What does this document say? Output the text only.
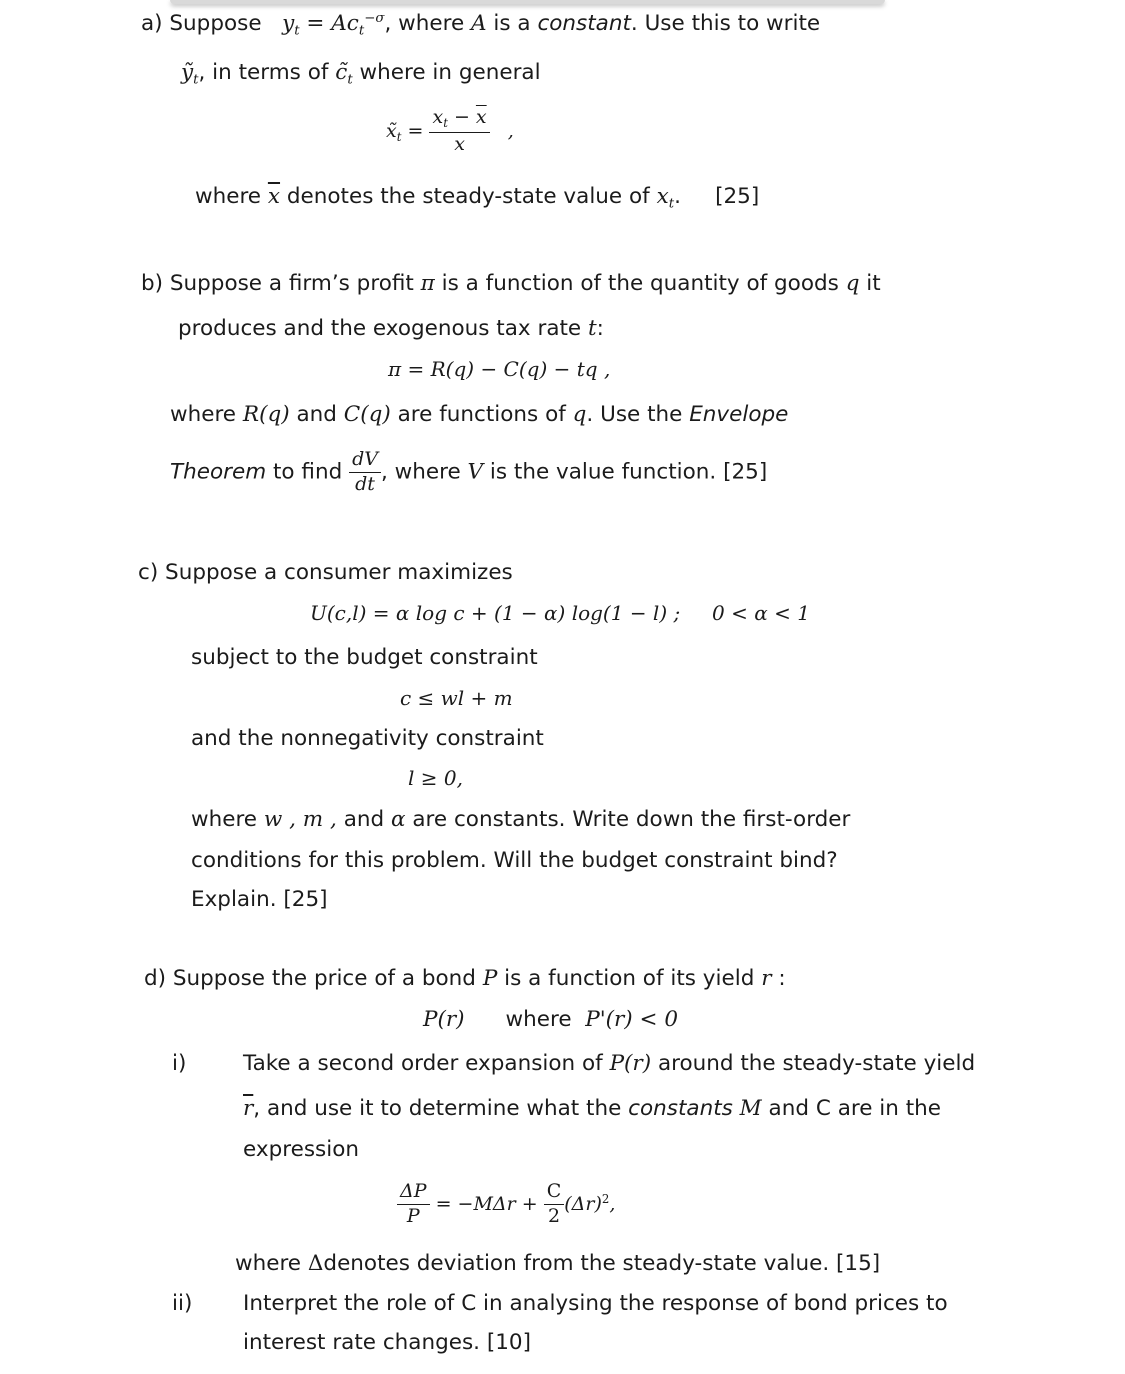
a) Suppose $y_t = Ac_t^{-\sigma}$, where A is a constant. Use this to write
ỹ$_t$, in terms of $c̃_t$ where in general
$x̃_t = \frac{x_t - \overline{x}}{x}$ ,
where $\overline{x}$ denotes the steady-state value of $x_t$. [25]
b) Suppose a firm’s profit π is a function of the quantity of goods q it
produces and the exogenous tax rate t:
π = R(q) − C(q) − tq ,
where R(q) and C(q) are functions of q. Use the Envelope
Theorem to find $\frac{dV}{dt}$ , where V is the value function. [25]
c) Suppose a consumer maximizes
U(c,l) = α log c + (1 − α) log(1 − l) ; 0 < α < 1
subject to the budget constraint
c ≤ wl + m
and the nonnegativity constraint
l ≥ 0,
where w , m , and α are constants. Write down the first-order
conditions for this problem. Will the budget constraint bind?
Explain. [25]
d) Suppose the price of a bond P is a function of its yield r :
P(r) where P'(r) < 0
i)	Take a second order expansion of P(r) around the steady-state yield
$\overline{r}$, and use it to determine what the constants M and C are in the
expression
$\frac{\Delta P}{P} = -M\Delta r + \frac{C}{2} (\Delta r)^2$,
where Δdenotes deviation from the steady-state value. [15]
ii) Interpret the role of C in analysing the response of bond prices to
interest rate changes. [10]
